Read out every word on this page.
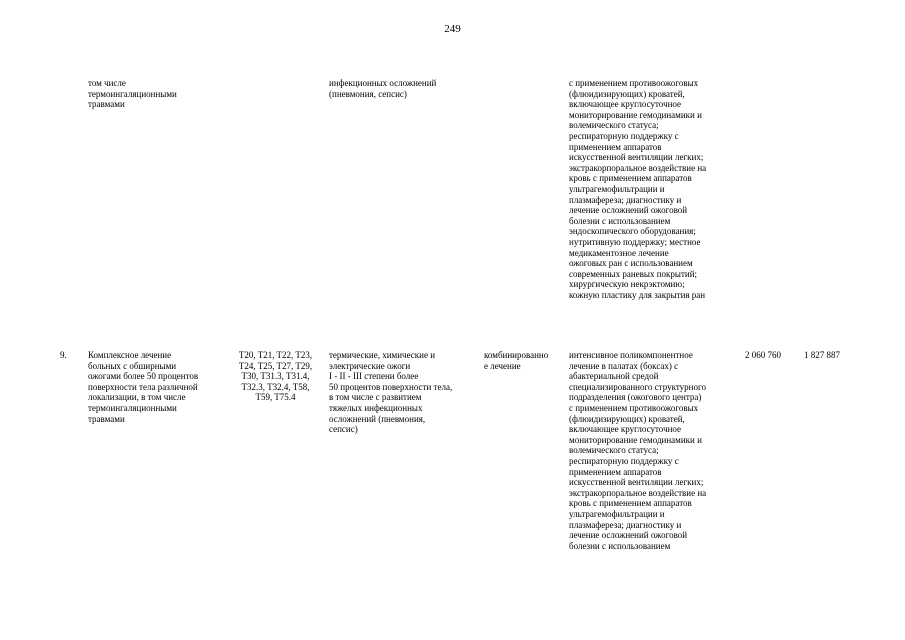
249
том числе
термоингаляционными
травмами
инфекционных осложнений
(пневмония, сепсис)
с применением противоожоговых
(флюидизирующих) кроватей,
включающее круглосуточное
мониторирование гемодинамики и
волемического статуса;
респираторную поддержку с
применением аппаратов
искусственной вентиляции легких;
экстракорпоральное воздействие на
кровь с применением аппаратов
ультрагемофильтрации и
плазмафереза; диагностику и
лечение осложнений ожоговой
болезни с использованием
эндоскопического оборудования;
нутритивную поддержку; местное
медикаментозное лечение
ожоговых ран с использованием
современных раневых покрытий;
хирургическую некрэктомию;
кожную пластику для закрытия ран
9.	Комплексное лечение
больных с обширными
ожогами более 50 процентов
поверхности тела различной
локализации, в том числе
термоингаляционными
травмами
T20, T21, T22, T23,
T24, T25, T27, T29,
T30, T31.3, T31.4,
T32.3, T32.4, T58,
T59, T75.4
термические, химические и
электрические ожоги
I - II - III степени более
50 процентов поверхности тела,
в том числе с развитием
тяжелых инфекционных
осложнений (пневмония,
сепсис)
комбинированно
е лечение
интенсивное поликомпонентное
лечение в палатах (боксах) с
абактериальной средой
специализированного структурного
подразделения (ожогового центра)
с применением противоожоговых
(флюидизирующих) кроватей,
включающее круглосуточное
мониторирование гемодинамики и
волемического статуса;
респираторную поддержку с
применением аппаратов
искусственной вентиляции легких;
экстракорпоральное воздействие на
кровь с применением аппаратов
ультрагемофильтрации и
плазмафереза; диагностику и
лечение осложнений ожоговой
болезни с использованием
2 060 760	1 827 887
